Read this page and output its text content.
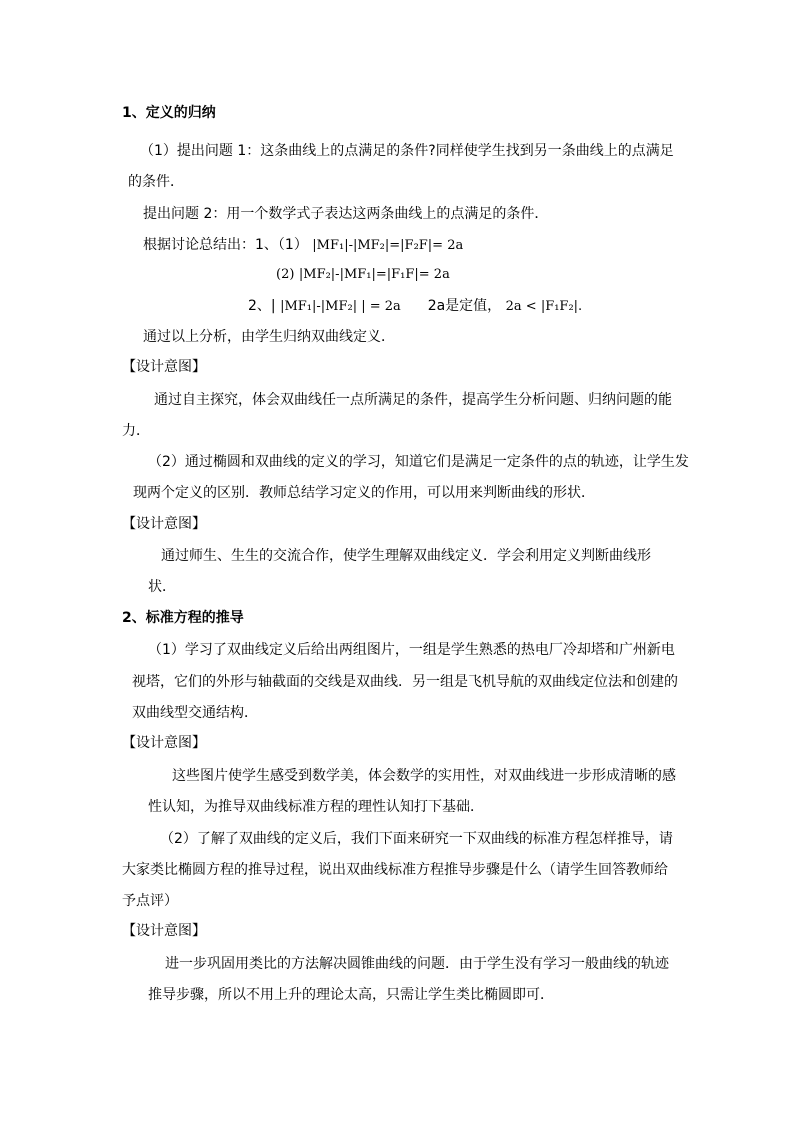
1、定义的归纳
（1）提出问题 1：这条曲线上的点满足的条件?同样使学生找到另一条曲线上的点满足
的条件．
提出问题 2：用一个数学式子表达这两条曲线上的点满足的条件．
根据讨论总结出：1、（1） |MF₁|-|MF₂|=|F₂F|= 2a
(2) |MF₂|-|MF₁|=|F₁F|= 2a
2、| |MF₁|-|MF₂| | = 2a 2a是定值， 2a < |F₁F₂|.
通过以上分析，由学生归纳双曲线定义．
【设计意图】
通过自主探究，体会双曲线任一点所满足的条件，提高学生分析问题、归纳问题的能
力．
（2）通过椭圆和双曲线的定义的学习，知道它们是满足一定条件的点的轨迹，让学生发
现两个定义的区别．教师总结学习定义的作用，可以用来判断曲线的形状．
【设计意图】
通过师生、生生的交流合作，使学生理解双曲线定义．学会利用定义判断曲线形
状．
2、标准方程的推导
（1）学习了双曲线定义后给出两组图片，一组是学生熟悉的热电厂冷却塔和广州新电
视塔，它们的外形与轴截面的交线是双曲线．另一组是飞机导航的双曲线定位法和创建的
双曲线型交通结构．
【设计意图】
这些图片使学生感受到数学美，体会数学的实用性，对双曲线进一步形成清晰的感
性认知，为推导双曲线标准方程的理性认知打下基础．
（2）了解了双曲线的定义后，我们下面来研究一下双曲线的标准方程怎样推导，请
大家类比椭圆方程的推导过程，说出双曲线标准方程推导步骤是什么（请学生回答教师给
予点评）
【设计意图】
进一步巩固用类比的方法解决圆锥曲线的问题．由于学生没有学习一般曲线的轨迹
推导步骤，所以不用上升的理论太高，只需让学生类比椭圆即可．
